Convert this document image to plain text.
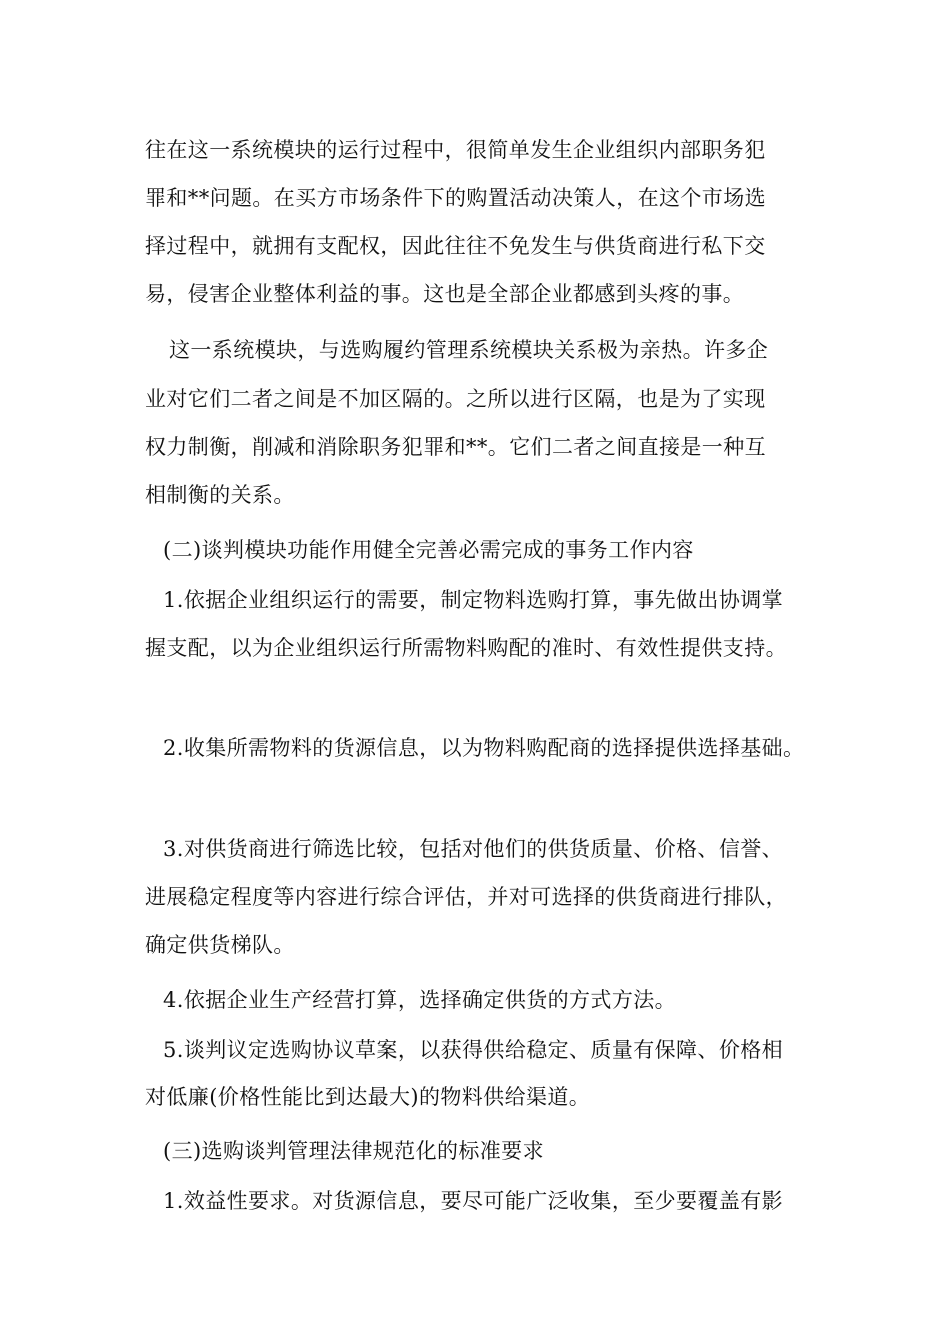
往在这一系统模块的运行过程中，很简单发生企业组织内部职务犯
罪和**问题。在买方市场条件下的购置活动决策人，在这个市场选
择过程中，就拥有支配权，因此往往不免发生与供货商进行私下交
易，侵害企业整体利益的事。这也是全部企业都感到头疼的事。
这一系统模块，与选购履约管理系统模块关系极为亲热。许多企
业对它们二者之间是不加区隔的。之所以进行区隔，也是为了实现
权力制衡，削减和消除职务犯罪和**。它们二者之间直接是一种互
相制衡的关系。
(二)谈判模块功能作用健全完善必需完成的事务工作内容
1.依据企业组织运行的需要，制定物料选购打算，事先做出协调掌
握支配，以为企业组织运行所需物料购配的准时、有效性提供支持。
2.收集所需物料的货源信息，以为物料购配商的选择提供选择基础。
3.对供货商进行筛选比较，包括对他们的供货质量、价格、信誉、
进展稳定程度等内容进行综合评估，并对可选择的供货商进行排队，
确定供货梯队。
4.依据企业生产经营打算，选择确定供货的方式方法。
5.谈判议定选购协议草案，以获得供给稳定、质量有保障、价格相
对低廉(价格性能比到达最大)的物料供给渠道。
(三)选购谈判管理法律规范化的标准要求
1.效益性要求。对货源信息，要尽可能广泛收集，至少要覆盖有影
